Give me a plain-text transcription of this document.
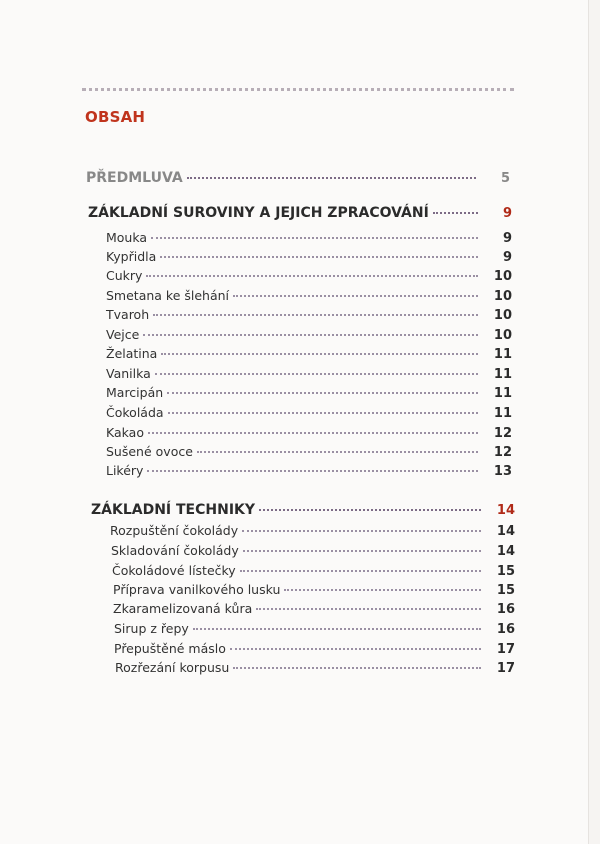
OBSAH
PŘEDMLUVA	5
ZÁKLADNÍ SUROVINY A JEJICH ZPRACOVÁNÍ	9
Mouka	9
Kypřidla	9
Cukry	10
Smetana ke šlehání	10
Tvaroh	10
Vejce	10
Želatina	11
Vanilka	11
Marcipán	11
Čokoláda	11
Kakao	12
Sušené ovoce	12
Likéry	13
ZÁKLADNÍ TECHNIKY	14
Rozpuštění čokolády	14
Skladování čokolády	14
Čokoládové lístečky	15
Příprava vanilkového lusku	15
Zkaramelizovaná kůra	16
Sirup z řepy	16
Přepuštěné máslo	17
Rozřezání korpusu	17
